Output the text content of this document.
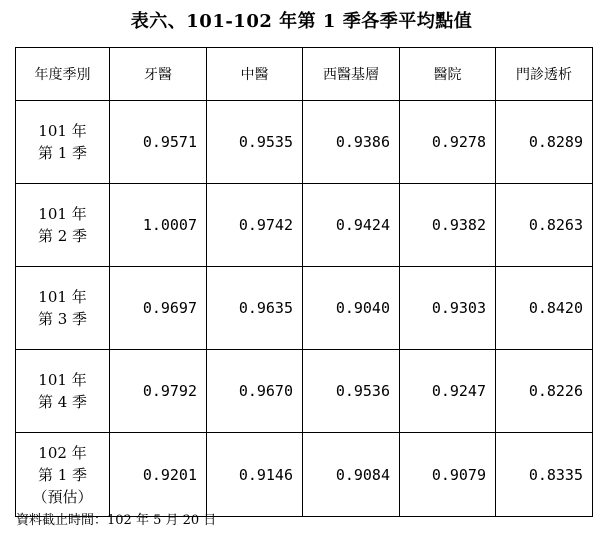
表六、101-102 年第 1 季各季平均點值
年度季別	牙醫	中醫	西醫基層	醫院	門診透析

101 年
第 1 季	0.9571	0.9535	0.9386	0.9278	0.8289

101 年
第 2 季	1.0007	0.9742	0.9424	0.9382	0.8263

101 年
第 3 季	0.9697	0.9635	0.9040	0.9303	0.8420

101 年
第 4 季	0.9792	0.9670	0.9536	0.9247	0.8226

102 年
第 1 季
（預估）	0.9201	0.9146	0.9084	0.9079	0.8335
資料截止時間：102 年 5 月 20 日
